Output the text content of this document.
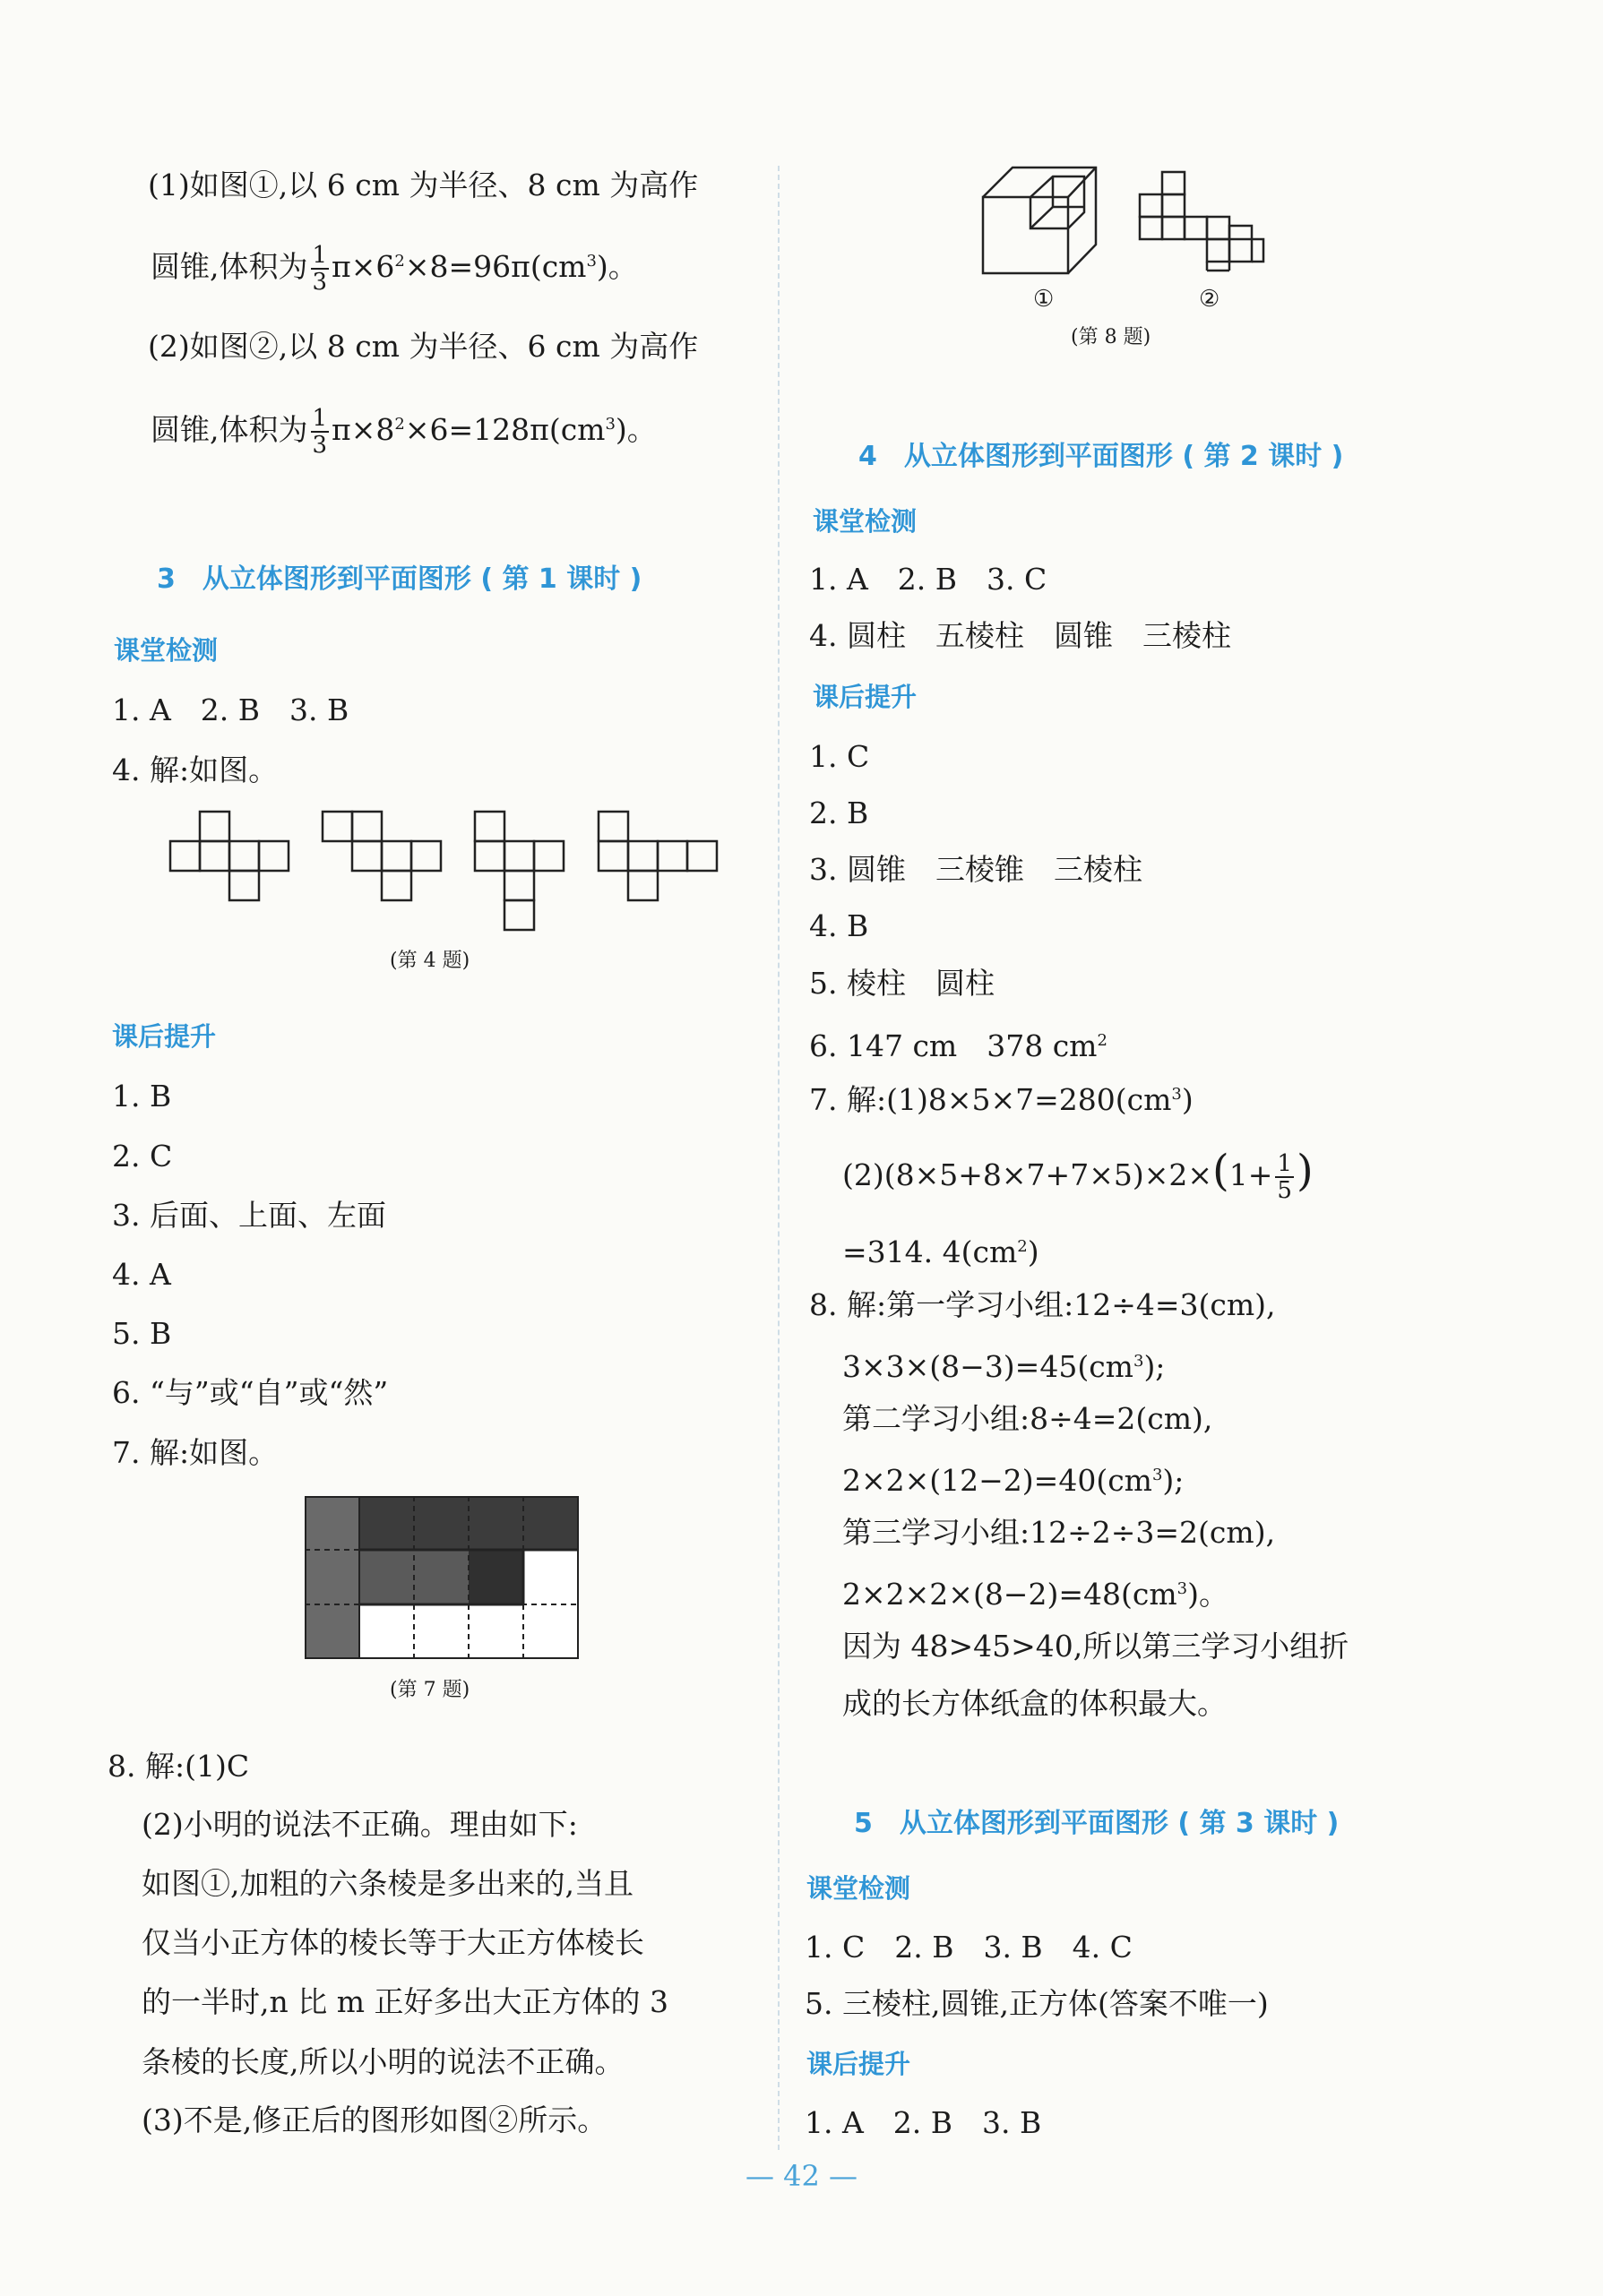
(1)如图①,以 6 cm 为半径、8 cm 为高作
圆锥,体积为 $\frac{1}{3} \pi\times 6^2\times 8=96\pi(cm^3)$。
(2)如图②,以 8 cm 为半径、6 cm 为高作
圆锥,体积为 $\frac{1}{3} \pi\times 8^2\times 6=128\pi(cm^3)$。
3　从立体图形到平面图形 ( 第 1 课时 )
课堂检测
1. A　2. B　3. B
4. 解:如图。
(第 4 题)
课后提升
1. B
2. C
3. 后面、上面、左面
4. A
5. B
6. “与”或“自”或“然”
7. 解:如图。
(第 7 题)
8. 解:(1)C
(2)小明的说法不正确。理由如下:
如图①,加粗的六条棱是多出来的,当且
仅当小正方体的棱长等于大正方体棱长
的一半时,n 比 m 正好多出大正方体的 3
条棱的长度,所以小明的说法不正确。
(3)不是,修正后的图形如图②所示。
①	②
(第 8 题)
4　从立体图形到平面图形 ( 第 2 课时 )
课堂检测
1. A　2. B　3. C
4. 圆柱　五棱柱　圆锥　三棱柱
课后提升
1. C
2. B
3. 圆锥　三棱锥　三棱柱
4. B
5. 棱柱　圆柱
6. 147 cm　378 $cm^2$
7. 解$:(1)8\times 5\times 7=280(cm^3)$
$(2)(8\times 5+8\times 7+7\times 5)\times 2\times(1+ \frac{1}{5}$ )
=314. $4(cm^2)$
8. 解:第一学习小组:12÷4=3(cm),
$3\times 3\times(8-3)=45(cm^3)$;
第二学习小组:8÷4=2(cm),
$2\times 2\times(12-2)=40(cm^3)$;
第三学习小组:12÷2÷3=2(cm),
$2\times 2\times 2\times(8-2)=48(cm^3)$。
因为 48>45>40,所以第三学习小组折
成的长方体纸盒的体积最大。
5　从立体图形到平面图形 ( 第 3 课时 )
课堂检测
1. C　2. B　3. B　4. C
5. 三棱柱,圆锥,正方体(答案不唯一)
课后提升
1. A　2. B　3. B
— 42 —
